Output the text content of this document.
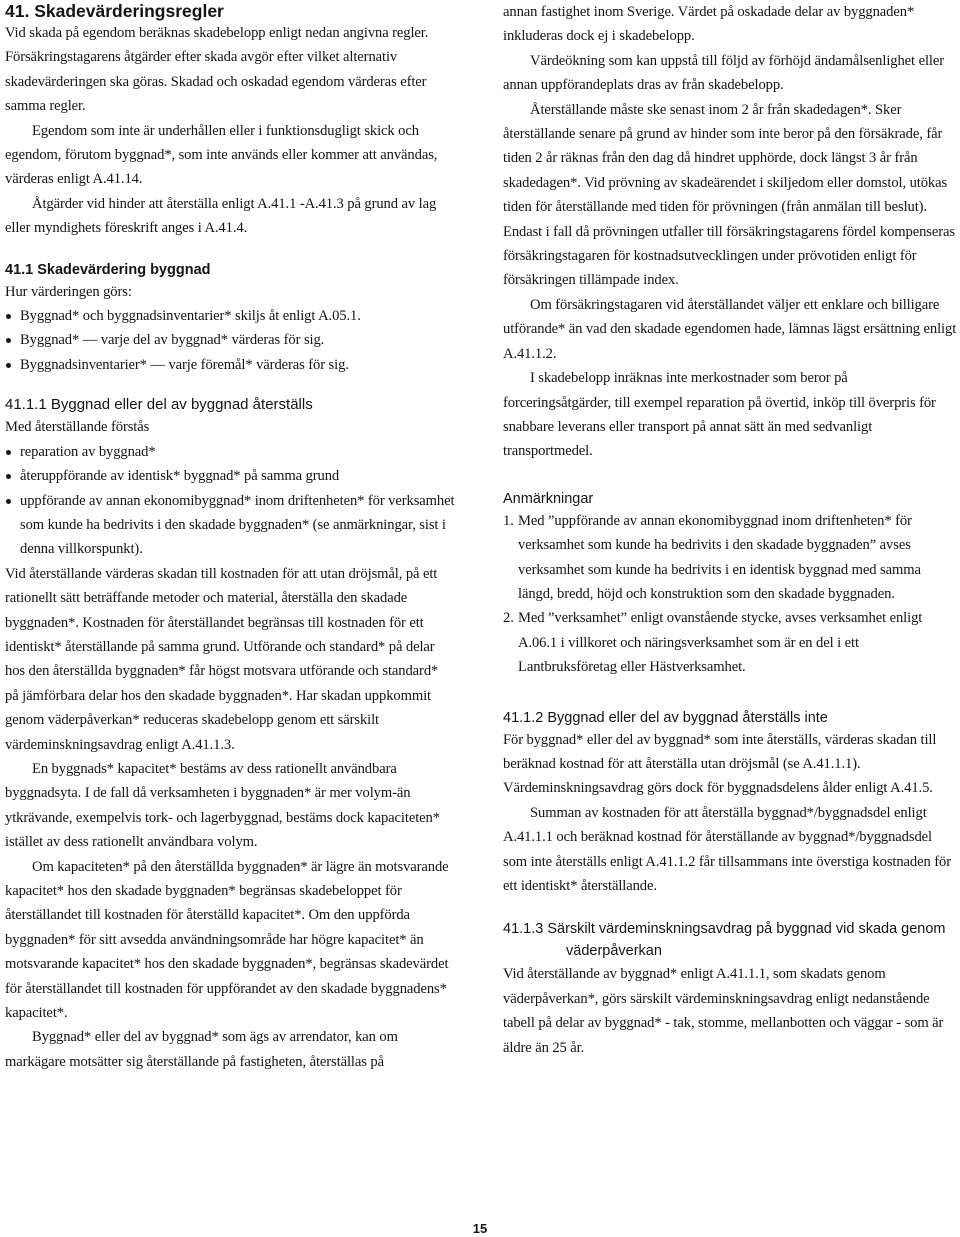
41. Skadevärderingsregler

Vid skada på egendom beräknas skadebelopp enligt nedan angivna regler. Försäkringstagarens åtgärder efter skada avgör efter vilket alternativ skadevärderingen ska göras. Skadad och oskadad egendom värderas efter samma regler.

Egendom som inte är underhållen eller i funktionsdugligt skick och egendom, förutom byggnad*, som inte används eller kommer att användas, värderas enligt A.41.14.

Åtgärder vid hinder att återställa enligt A.41.1 -A.41.3 på grund av lag eller myndighets föreskrift anges i A.41.4.

41.1 Skadevärdering byggnad

Hur värderingen görs:

Byggnad* och byggnadsinventarier* skiljs åt enligt A.05.1.
Byggnad* — varje del av byggnad* värderas för sig.
Byggnadsinventarier* — varje föremål* värderas för sig.
41.1.1 Byggnad eller del av byggnad återställs

Med återställande förstås

reparation av byggnad*
återuppförande av identisk* byggnad* på samma grund
uppförande av annan ekonomibyggnad* inom driftenheten* för verksamhet som kunde ha bedrivits i den skadade byggnaden* (se anmärkningar, sist i denna villkorspunkt).

Vid återställande värderas skadan till kostnaden för att utan dröjsmål, på ett rationellt sätt beträffande metoder och material, återställa den skadade byggnaden*. Kostnaden för återställandet begränsas till kostnaden för ett identiskt* återställande på samma grund. Utförande och standard* på delar hos den återställda byggnaden* får högst motsvara utförande och standard* på jämförbara delar hos den skadade byggnaden*. Har skadan uppkommit genom väderpåverkan* reduceras skadebelopp genom ett särskilt värdeminskningsavdrag enligt A.41.1.3.

En byggnads* kapacitet* bestäms av dess rationellt användbara byggnadsyta. I de fall då verksamheten i byggnaden* är mer volym-än ytkrävande, exempelvis tork- och lagerbyggnad, bestäms dock kapaciteten* istället av dess rationellt användbara volym.

Om kapaciteten* på den återställda byggnaden* är lägre än motsvarande kapacitet* hos den skadade byggnaden* begränsas skadebeloppet för återställandet till kostnaden för återställd kapacitet*. Om den uppförda byggnaden* för sitt avsedda användningsområde har högre kapacitet* än motsvarande kapacitet* hos den skadade byggnaden*, begränsas skadevärdet för återställandet till kostnaden för uppförandet av den skadade byggnadens* kapacitet*.

Byggnad* eller del av byggnad* som ägs av arrendator, kan om markägare motsätter sig återställande på fastigheten, återställas på

annan fastighet inom Sverige. Värdet på oskadade delar av byggnaden* inkluderas dock ej i skadebelopp.

Värdeökning som kan uppstå till följd av förhöjd ändamålsenlighet eller annan uppförandeplats dras av från skadebelopp.

Återställande måste ske senast inom 2 år från skadedagen*. Sker återställande senare på grund av hinder som inte beror på den försäkrade, får tiden 2 år räknas från den dag då hindret upphörde, dock längst 3 år från skadedagen*. Vid prövning av skadeärendet i skiljedom eller domstol, utökas tiden för återställande med tiden för prövningen (från anmälan till beslut). Endast i fall då prövningen utfaller till försäkringstagarens fördel kompenseras försäkringstagaren för kostnadsutvecklingen under prövotiden enligt för försäkringen tillämpade index.

Om försäkringstagaren vid återställandet väljer ett enklare och billigare utförande* än vad den skadade egendomen hade, lämnas lägst ersättning enligt A.41.1.2.

I skadebelopp inräknas inte merkostnader som beror på forceringsåtgärder, till exempel reparation på övertid, inköp till överpris för snabbare leverans eller transport på annat sätt än med sedvanligt transportmedel.

Anmärkningar
1. Med ”uppförande av annan ekonomibyggnad inom driftenheten* för verksamhet som kunde ha bedrivits i den skadade byggnaden” avses verksamhet som kunde ha bedrivits i en identisk byggnad med samma längd, bredd, höjd och konstruktion som den skadade byggnaden.
2. Med ”verksamhet” enligt ovanstående stycke, avses verksamhet enligt A.06.1 i villkoret och näringsverksamhet som är en del i ett Lantbruksföretag eller Hästverksamhet.
41.1.2 Byggnad eller del av byggnad återställs inte

För byggnad* eller del av byggnad* som inte återställs, värderas skadan till beräknad kostnad för att återställa utan dröjsmål (se A.41.1.1). Värdeminskningsavdrag görs dock för byggnadsdelens ålder enligt A.41.5.

Summan av kostnaden för att återställa byggnad*/byggnadsdel enligt A.41.1.1 och beräknad kostnad för återställande av byggnad*/byggnadsdel som inte återställs enligt A.41.1.2 får tillsammans inte överstiga kostnaden för ett identiskt* återställande.

41.1.3 Särskilt värdeminskningsavdrag på byggnad vid skada genom väderpåverkan

Vid återställande av byggnad* enligt A.41.1.1, som skadats genom väderpåverkan*, görs särskilt värdeminskningsavdrag enligt nedanstående tabell på delar av byggnad* - tak, stomme, mellanbotten och väggar - som är äldre än 25 år.

15
